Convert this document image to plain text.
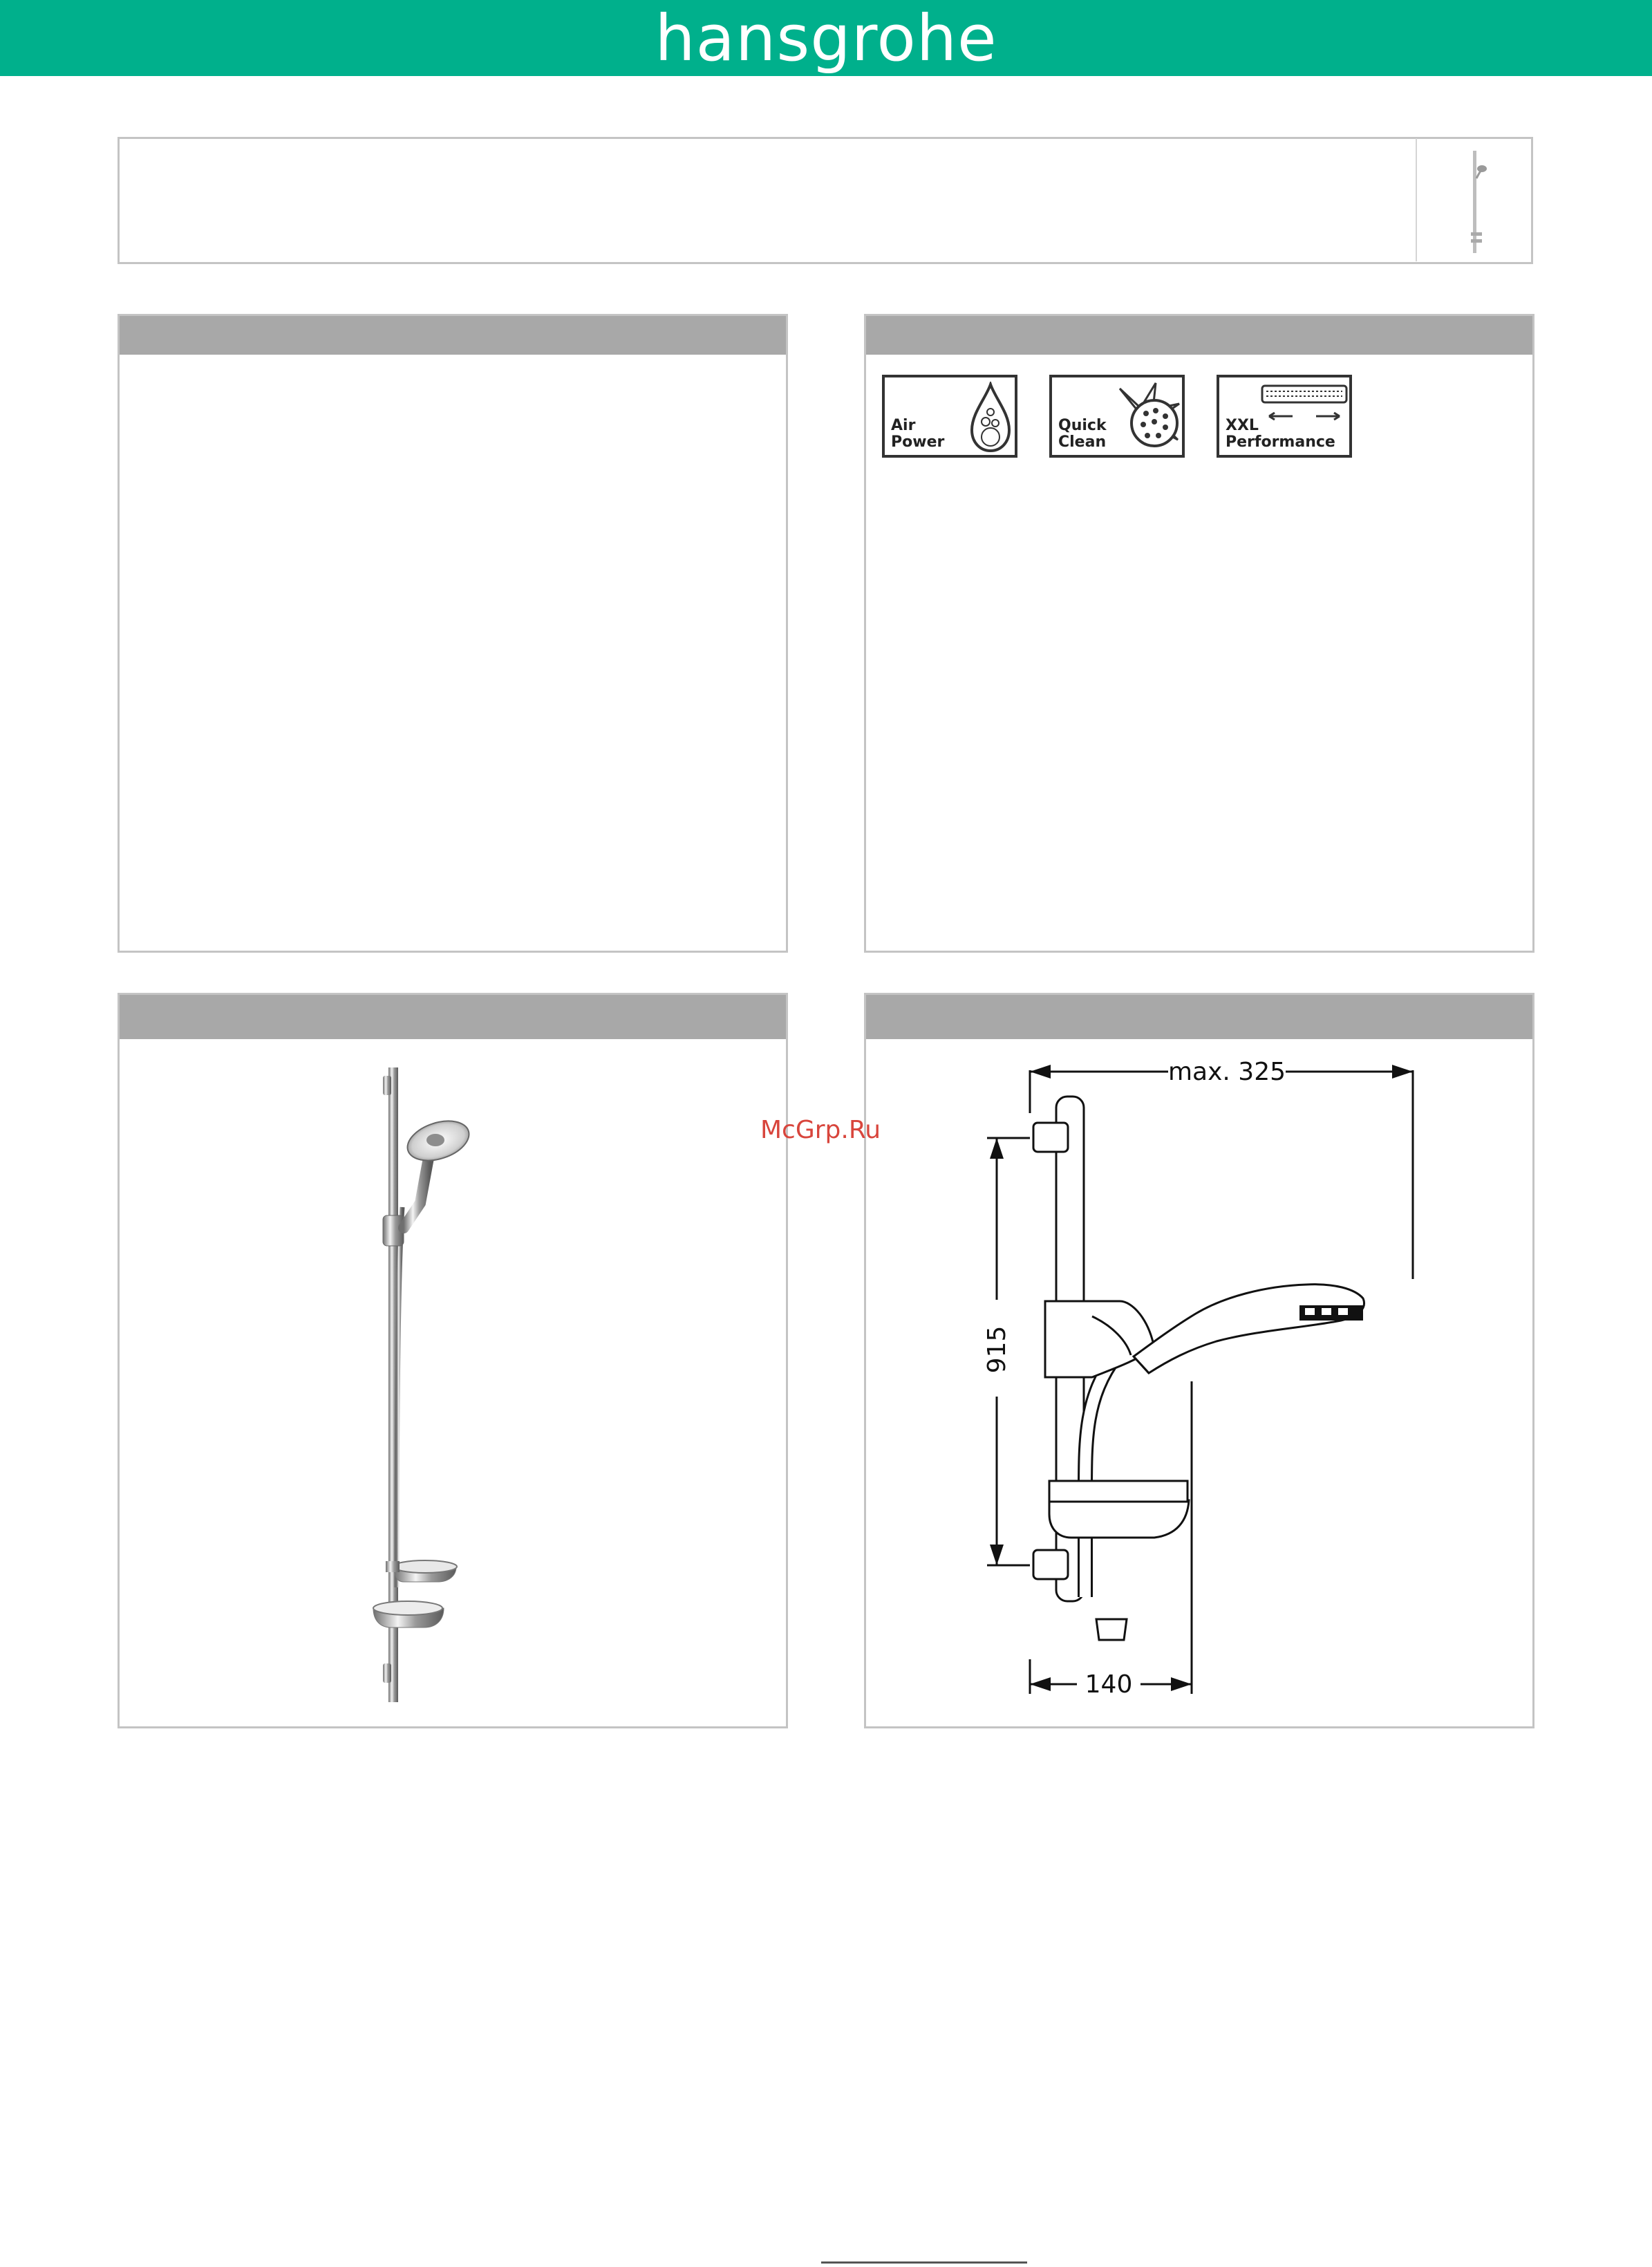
hansgrohe
Air
Power
Quick
Clean
XXL
Performance
max. 325
915
140
McGrp.Ru
